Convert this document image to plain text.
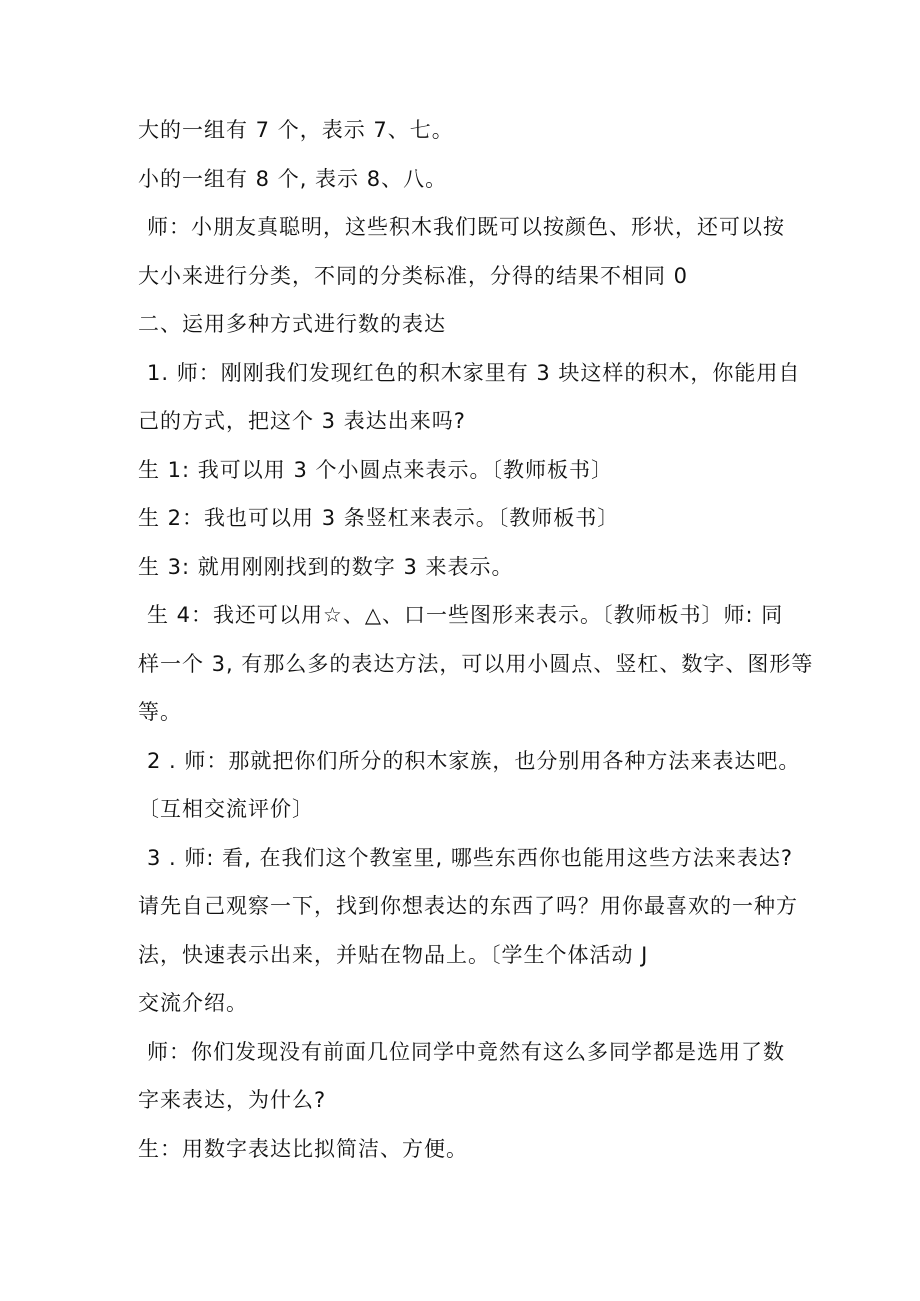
大的一组有 7 个，表示 7、七。
小的一组有 8 个, 表示 8、八。
师：小朋友真聪明，这些积木我们既可以按颜色、形状，还可以按
大小来进行分类，不同的分类标准，分得的结果不相同 0
二、运用多种方式进行数的表达
1. 师：刚刚我们发现红色的积木家里有 3 块这样的积木，你能用自
己的方式，把这个 3 表达出来吗?
生 1: 我可以用 3 个小圆点来表示。〔教师板书〕
生 2：我也可以用 3 条竖杠来表示。〔教师板书〕
生 3: 就用刚刚找到的数字 3 来表示。
生 4：我还可以用☆、△、口一些图形来表示。〔教师板书〕师: 同
样一个 3, 有那么多的表达方法，可以用小圆点、竖杠、数字、图形等
等。
2 . 师：那就把你们所分的积木家族，也分别用各种方法来表达吧。
〔互相交流评价〕
3 . 师: 看, 在我们这个教室里, 哪些东西你也能用这些方法来表达?
请先自己观察一下，找到你想表达的东西了吗？用你最喜欢的一种方
法，快速表示出来，并贴在物品上。〔学生个体活动 J
交流介绍。
师：你们发现没有前面几位同学中竟然有这么多同学都是选用了数
字来表达，为什么?
生：用数字表达比拟简洁、方便。
